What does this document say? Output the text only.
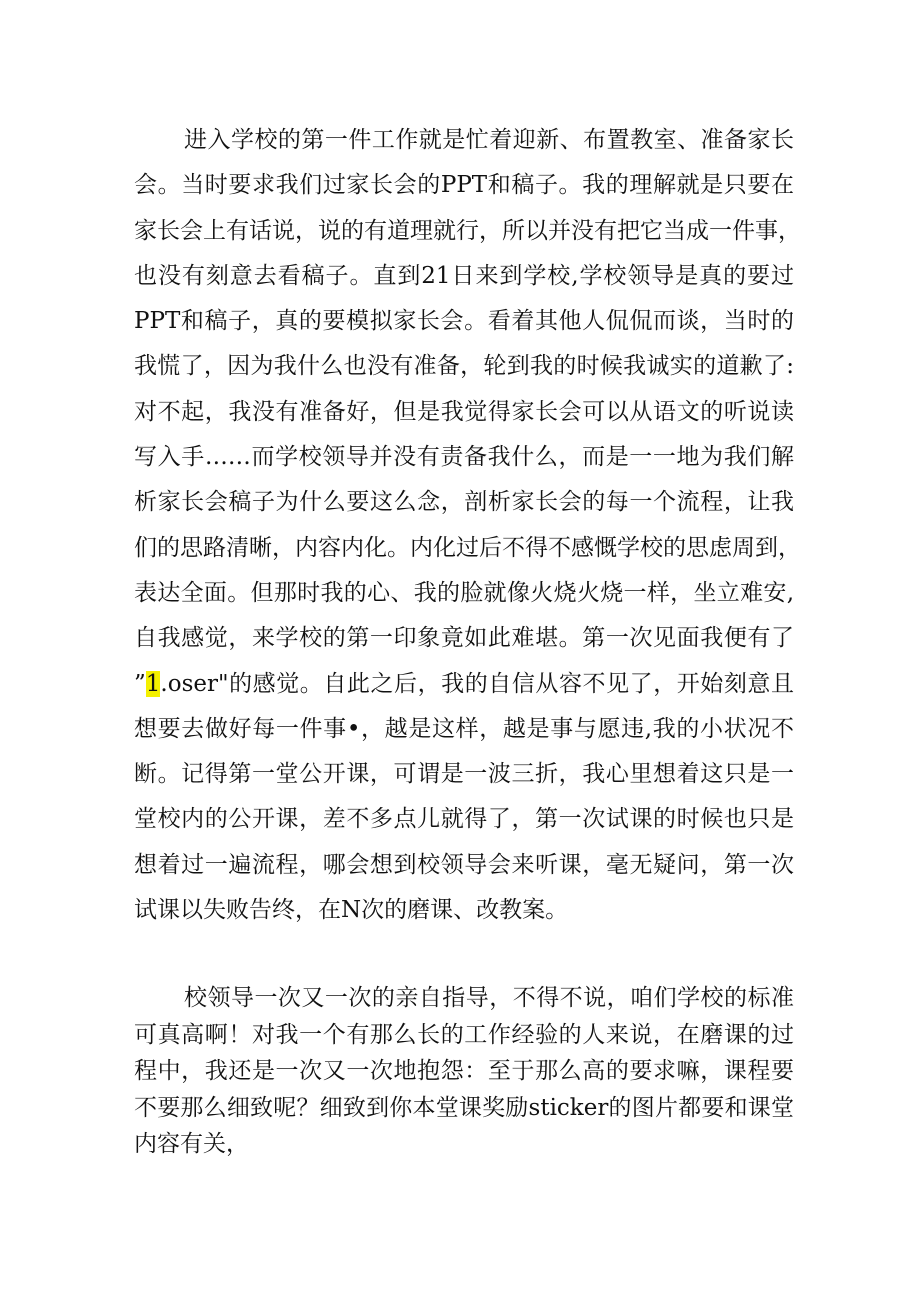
进入学校的第一件工作就是忙着迎新、布置教室、准备家长
会。当时要求我们过家长会的PPT和稿子。我的理解就是只要在
家长会上有话说，说的有道理就行，所以并没有把它当成一件事，
也没有刻意去看稿子。直到21日来到学校,学校领导是真的要过
PPT和稿子，真的要模拟家长会。看着其他人侃侃而谈，当时的
我慌了，因为我什么也没有准备，轮到我的时候我诚实的道歉了:
对不起，我没有准备好，但是我觉得家长会可以从语文的听说读
写入手……而学校领导并没有责备我什么，而是一一地为我们解
析家长会稿子为什么要这么念，剖析家长会的每一个流程，让我
们的思路清晰，内容内化。内化过后不得不感慨学校的思虑周到，
表达全面。但那时我的心、我的脸就像火烧火烧一样，坐立难安,
自我感觉，来学校的第一印象竟如此难堪。第一次见面我便有了
”1.oser"的感觉。自此之后，我的自信从容不见了，开始刻意且
想要去做好每一件事•，越是这样，越是事与愿违,我的小状况不
断。记得第一堂公开课，可谓是一波三折，我心里想着这只是一
堂校内的公开课，差不多点儿就得了，第一次试课的时候也只是
想着过一遍流程，哪会想到校领导会来听课，毫无疑问，第一次
试课以失败告终，在N次的磨课、改教案。
校领导一次又一次的亲自指导，不得不说，咱们学校的标准
可真高啊！对我一个有那么长的工作经验的人来说，在磨课的过
程中，我还是一次又一次地抱怨：至于那么高的要求嘛，课程要
不要那么细致呢？细致到你本堂课奖励sticker的图片都要和课堂
内容有关，
